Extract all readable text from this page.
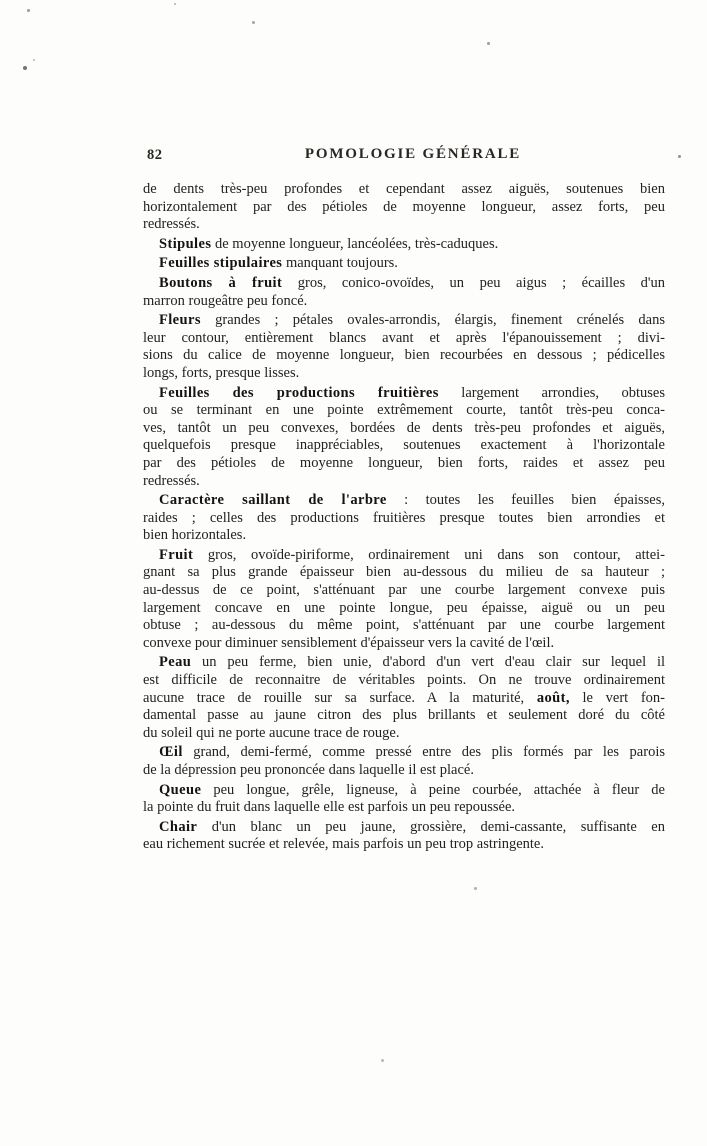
82	POMOLOGIE GÉNÉRALE
de dents très-peu profondes et cependant assez aiguës, soutenues bien
horizontalement par des pétioles de moyenne longueur, assez forts, peu
redressés.
Stipules de moyenne longueur, lancéolées, très-caduques.
Feuilles stipulaires manquant toujours.
Boutons à fruit gros, conico-ovoïdes, un peu aigus ; écailles d'un
marron rougeâtre peu foncé.
Fleurs grandes ; pétales ovales-arrondis, élargis, finement crénelés dans
leur contour, entièrement blancs avant et après l'épanouissement ; divi-
sions du calice de moyenne longueur, bien recourbées en dessous ; pédicelles
longs, forts, presque lisses.
Feuilles des productions fruitières largement arrondies, obtuses
ou se terminant en une pointe extrêmement courte, tantôt très-peu conca-
ves, tantôt un peu convexes, bordées de dents très-peu profondes et aiguës,
quelquefois presque inappréciables, soutenues exactement à l'horizontale
par des pétioles de moyenne longueur, bien forts, raides et assez peu
redressés.
Caractère saillant de l'arbre : toutes les feuilles bien épaisses,
raides ; celles des productions fruitières presque toutes bien arrondies et
bien horizontales.
Fruit gros, ovoïde-piriforme, ordinairement uni dans son contour, attei-
gnant sa plus grande épaisseur bien au-dessous du milieu de sa hauteur ;
au-dessus de ce point, s'atténuant par une courbe largement convexe puis
largement concave en une pointe longue, peu épaisse, aiguë ou un peu
obtuse ; au-dessous du même point, s'atténuant par une courbe largement
convexe pour diminuer sensiblement d'épaisseur vers la cavité de l'œil.
Peau un peu ferme, bien unie, d'abord d'un vert d'eau clair sur lequel il
est difficile de reconnaitre de véritables points. On ne trouve ordinairement
aucune trace de rouille sur sa surface. A la maturité, août, le vert fon-
damental passe au jaune citron des plus brillants et seulement doré du côté
du soleil qui ne porte aucune trace de rouge.
Œil grand, demi-fermé, comme pressé entre des plis formés par les parois
de la dépression peu prononcée dans laquelle il est placé.
Queue peu longue, grêle, ligneuse, à peine courbée, attachée à fleur de
la pointe du fruit dans laquelle elle est parfois un peu repoussée.
Chair d'un blanc un peu jaune, grossière, demi-cassante, suffisante en
eau richement sucrée et relevée, mais parfois un peu trop astringente.
